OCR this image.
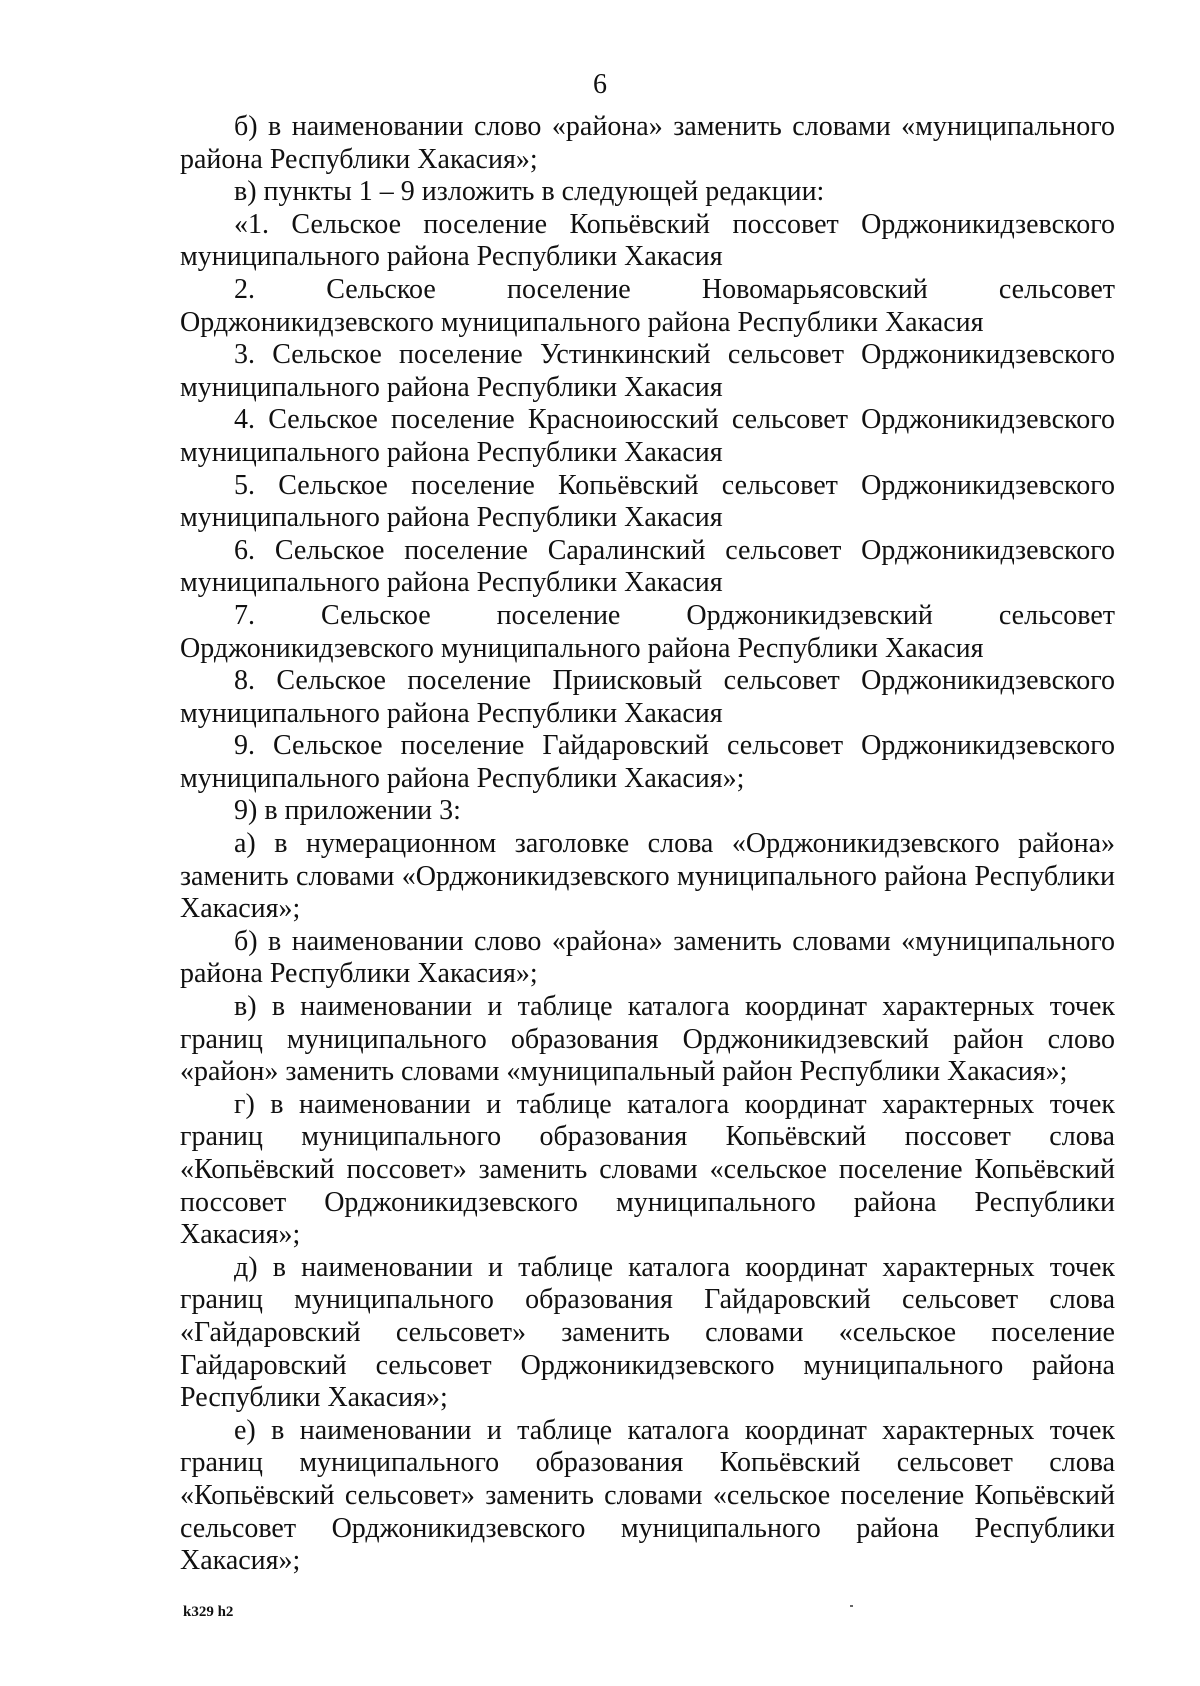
6

б) в наименовании слово «района» заменить словами «муниципального района Республики Хакасия»;

в) пункты 1 – 9 изложить в следующей редакции:

«1. Сельское поселение Копьёвский поссовет Орджоникидзевского муниципального района Республики Хакасия

2. Сельское поселение Новомарьясовский сельсовет Орджоникидзевского муниципального района Республики Хакасия

3. Сельское поселение Устинкинский сельсовет Орджоникидзевского муниципального района Республики Хакасия

4. Сельское поселение Красноиюсский сельсовет Орджоникидзевского муниципального района Республики Хакасия

5. Сельское поселение Копьёвский сельсовет Орджоникидзевского муниципального района Республики Хакасия

6. Сельское поселение Саралинский сельсовет Орджоникидзевского муниципального района Республики Хакасия

7. Сельское поселение Орджоникидзевский сельсовет Орджоникидзевского муниципального района Республики Хакасия

8. Сельское поселение Приисковый сельсовет Орджоникидзевского муниципального района Республики Хакасия

9. Сельское поселение Гайдаровский сельсовет Орджоникидзевского муниципального района Республики Хакасия»;

9) в приложении 3:

а) в нумерационном заголовке слова «Орджоникидзевского района» заменить словами «Орджоникидзевского муниципального района Республики Хакасия»;

б) в наименовании слово «района» заменить словами «муниципального района Республики Хакасия»;

в) в наименовании и таблице каталога координат характерных точек границ муниципального образования Орджоникидзевский район слово «район» заменить словами «муниципальный район Республики Хакасия»;

г) в наименовании и таблице каталога координат характерных точек границ муниципального образования Копьёвский поссовет слова «Копьёвский поссовет» заменить словами «сельское поселение Копьёвский поссовет Орджоникидзевского муниципального района Республики Хакасия»;

д) в наименовании и таблице каталога координат характерных точек границ муниципального образования Гайдаровский сельсовет слова «Гайдаровский сельсовет» заменить словами «сельское поселение Гайдаровский сельсовет Орджоникидзевского муниципального района Республики Хакасия»;

е) в наименовании и таблице каталога координат характерных точек границ муниципального образования Копьёвский сельсовет слова «Копьёвский сельсовет» заменить словами «сельское поселение Копьёвский сельсовет Орджоникидзевского муниципального района Республики Хакасия»;

k329 h2
